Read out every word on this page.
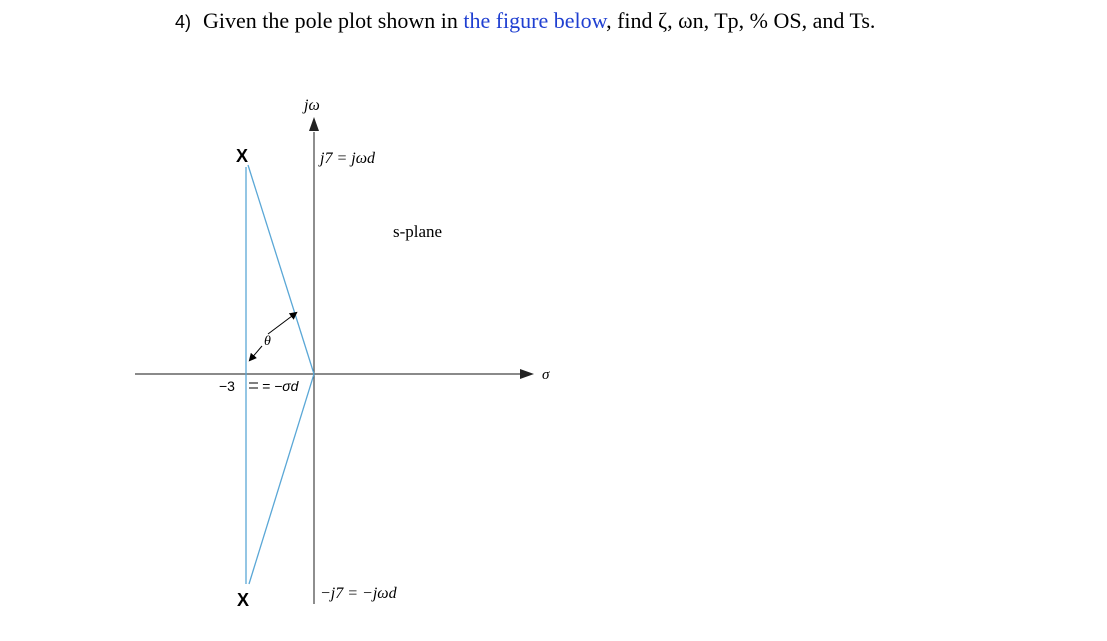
4) Given the pole plot shown in the figure below, find ζ, ωn, Tp, % OS, and Ts.
X
X
jω
σ
s-plane
j7 = jωd
−j7 = −jωd
−3 = −σd
θ
